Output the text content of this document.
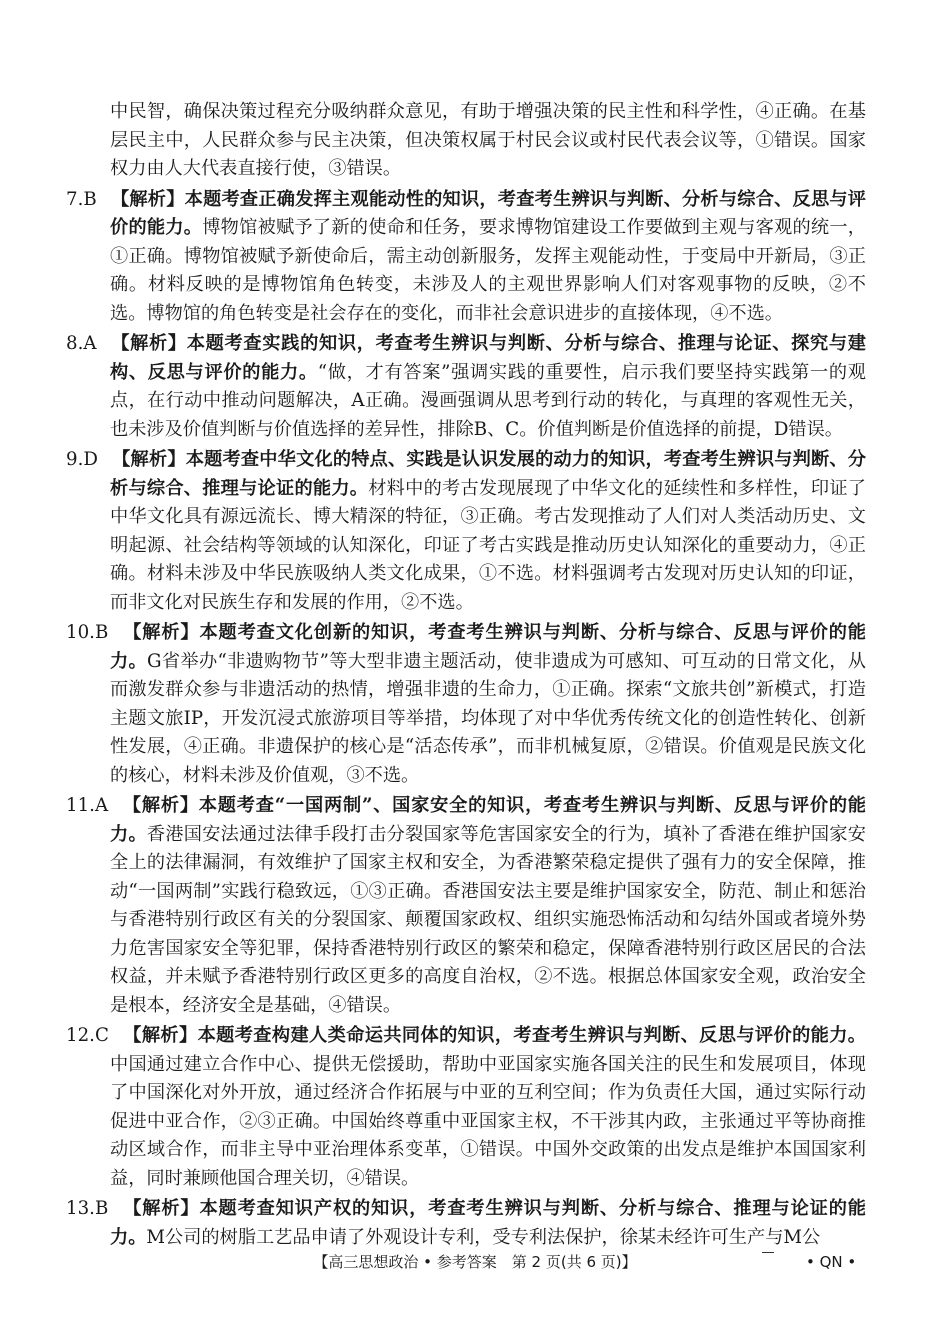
中民智，确保决策过程充分吸纳群众意见，有助于增强决策的民主性和科学性，④正确。在基层民主中，人民群众参与民主决策，但决策权属于村民会议或村民代表会议等，①错误。国家权力由人大代表直接行使，③错误。

7.B 【解析】本题考查正确发挥主观能动性的知识，考查考生辨识与判断、分析与综合、反思与评价的能力。博物馆被赋予了新的使命和任务，要求博物馆建设工作要做到主观与客观的统一，①正确。博物馆被赋予新使命后，需主动创新服务，发挥主观能动性，于变局中开新局，③正确。材料反映的是博物馆角色转变，未涉及人的主观世界影响人们对客观事物的反映，②不选。博物馆的角色转变是社会存在的变化，而非社会意识进步的直接体现，④不选。
8.A 【解析】本题考查实践的知识，考查考生辨识与判断、分析与综合、推理与论证、探究与建构、反思与评价的能力。“做，才有答案”强调实践的重要性，启示我们要坚持实践第一的观点，在行动中推动问题解决，A正确。漫画强调从思考到行动的转化，与真理的客观性无关，也未涉及价值判断与价值选择的差异性，排除B、C。价值判断是价值选择的前提，D错误。
9.D 【解析】本题考查中华文化的特点、实践是认识发展的动力的知识，考查考生辨识与判断、分析与综合、推理与论证的能力。材料中的考古发现展现了中华文化的延续性和多样性，印证了中华文化具有源远流长、博大精深的特征，③正确。考古发现推动了人们对人类活动历史、文明起源、社会结构等领域的认知深化，印证了考古实践是推动历史认知深化的重要动力，④正确。材料未涉及中华民族吸纳人类文化成果，①不选。材料强调考古发现对历史认知的印证，而非文化对民族生存和发展的作用，②不选。
10.B 【解析】本题考查文化创新的知识，考查考生辨识与判断、分析与综合、反思与评价的能力。G省举办“非遗购物节”等大型非遗主题活动，使非遗成为可感知、可互动的日常文化，从而激发群众参与非遗活动的热情，增强非遗的生命力，①正确。探索“文旅共创”新模式，打造主题文旅IP，开发沉浸式旅游项目等举措，均体现了对中华优秀传统文化的创造性转化、创新性发展，④正确。非遗保护的核心是“活态传承”，而非机械复原，②错误。价值观是民族文化的核心，材料未涉及价值观，③不选。
11.A 【解析】本题考查“一国两制”、国家安全的知识，考查考生辨识与判断、反思与评价的能力。香港国安法通过法律手段打击分裂国家等危害国家安全的行为，填补了香港在维护国家安全上的法律漏洞，有效维护了国家主权和安全，为香港繁荣稳定提供了强有力的安全保障，推动“一国两制”实践行稳致远，①③正确。香港国安法主要是维护国家安全，防范、制止和惩治与香港特别行政区有关的分裂国家、颠覆国家政权、组织实施恐怖活动和勾结外国或者境外势力危害国家安全等犯罪，保持香港特别行政区的繁荣和稳定，保障香港特别行政区居民的合法权益，并未赋予香港特别行政区更多的高度自治权，②不选。根据总体国家安全观，政治安全是根本，经济安全是基础，④错误。
12.C 【解析】本题考查构建人类命运共同体的知识，考查考生辨识与判断、反思与评价的能力。中国通过建立合作中心、提供无偿援助，帮助中亚国家实施各国关注的民生和发展项目，体现了中国深化对外开放，通过经济合作拓展与中亚的互利空间；作为负责任大国，通过实际行动促进中亚合作，②③正确。中国始终尊重中亚国家主权，不干涉其内政，主张通过平等协商推动区域合作，而非主导中亚治理体系变革，①错误。中国外交政策的出发点是维护本国国家利益，同时兼顾他国合理关切，④错误。
13.B 【解析】本题考查知识产权的知识，考查考生辨识与判断、分析与综合、推理与论证的能力。M公司的树脂工艺品申请了外观设计专利，受专利法保护，徐某未经许可生产与M公
【高三思想政治 • 参考答案　第 2 页(共 6 页)】	• QN •
